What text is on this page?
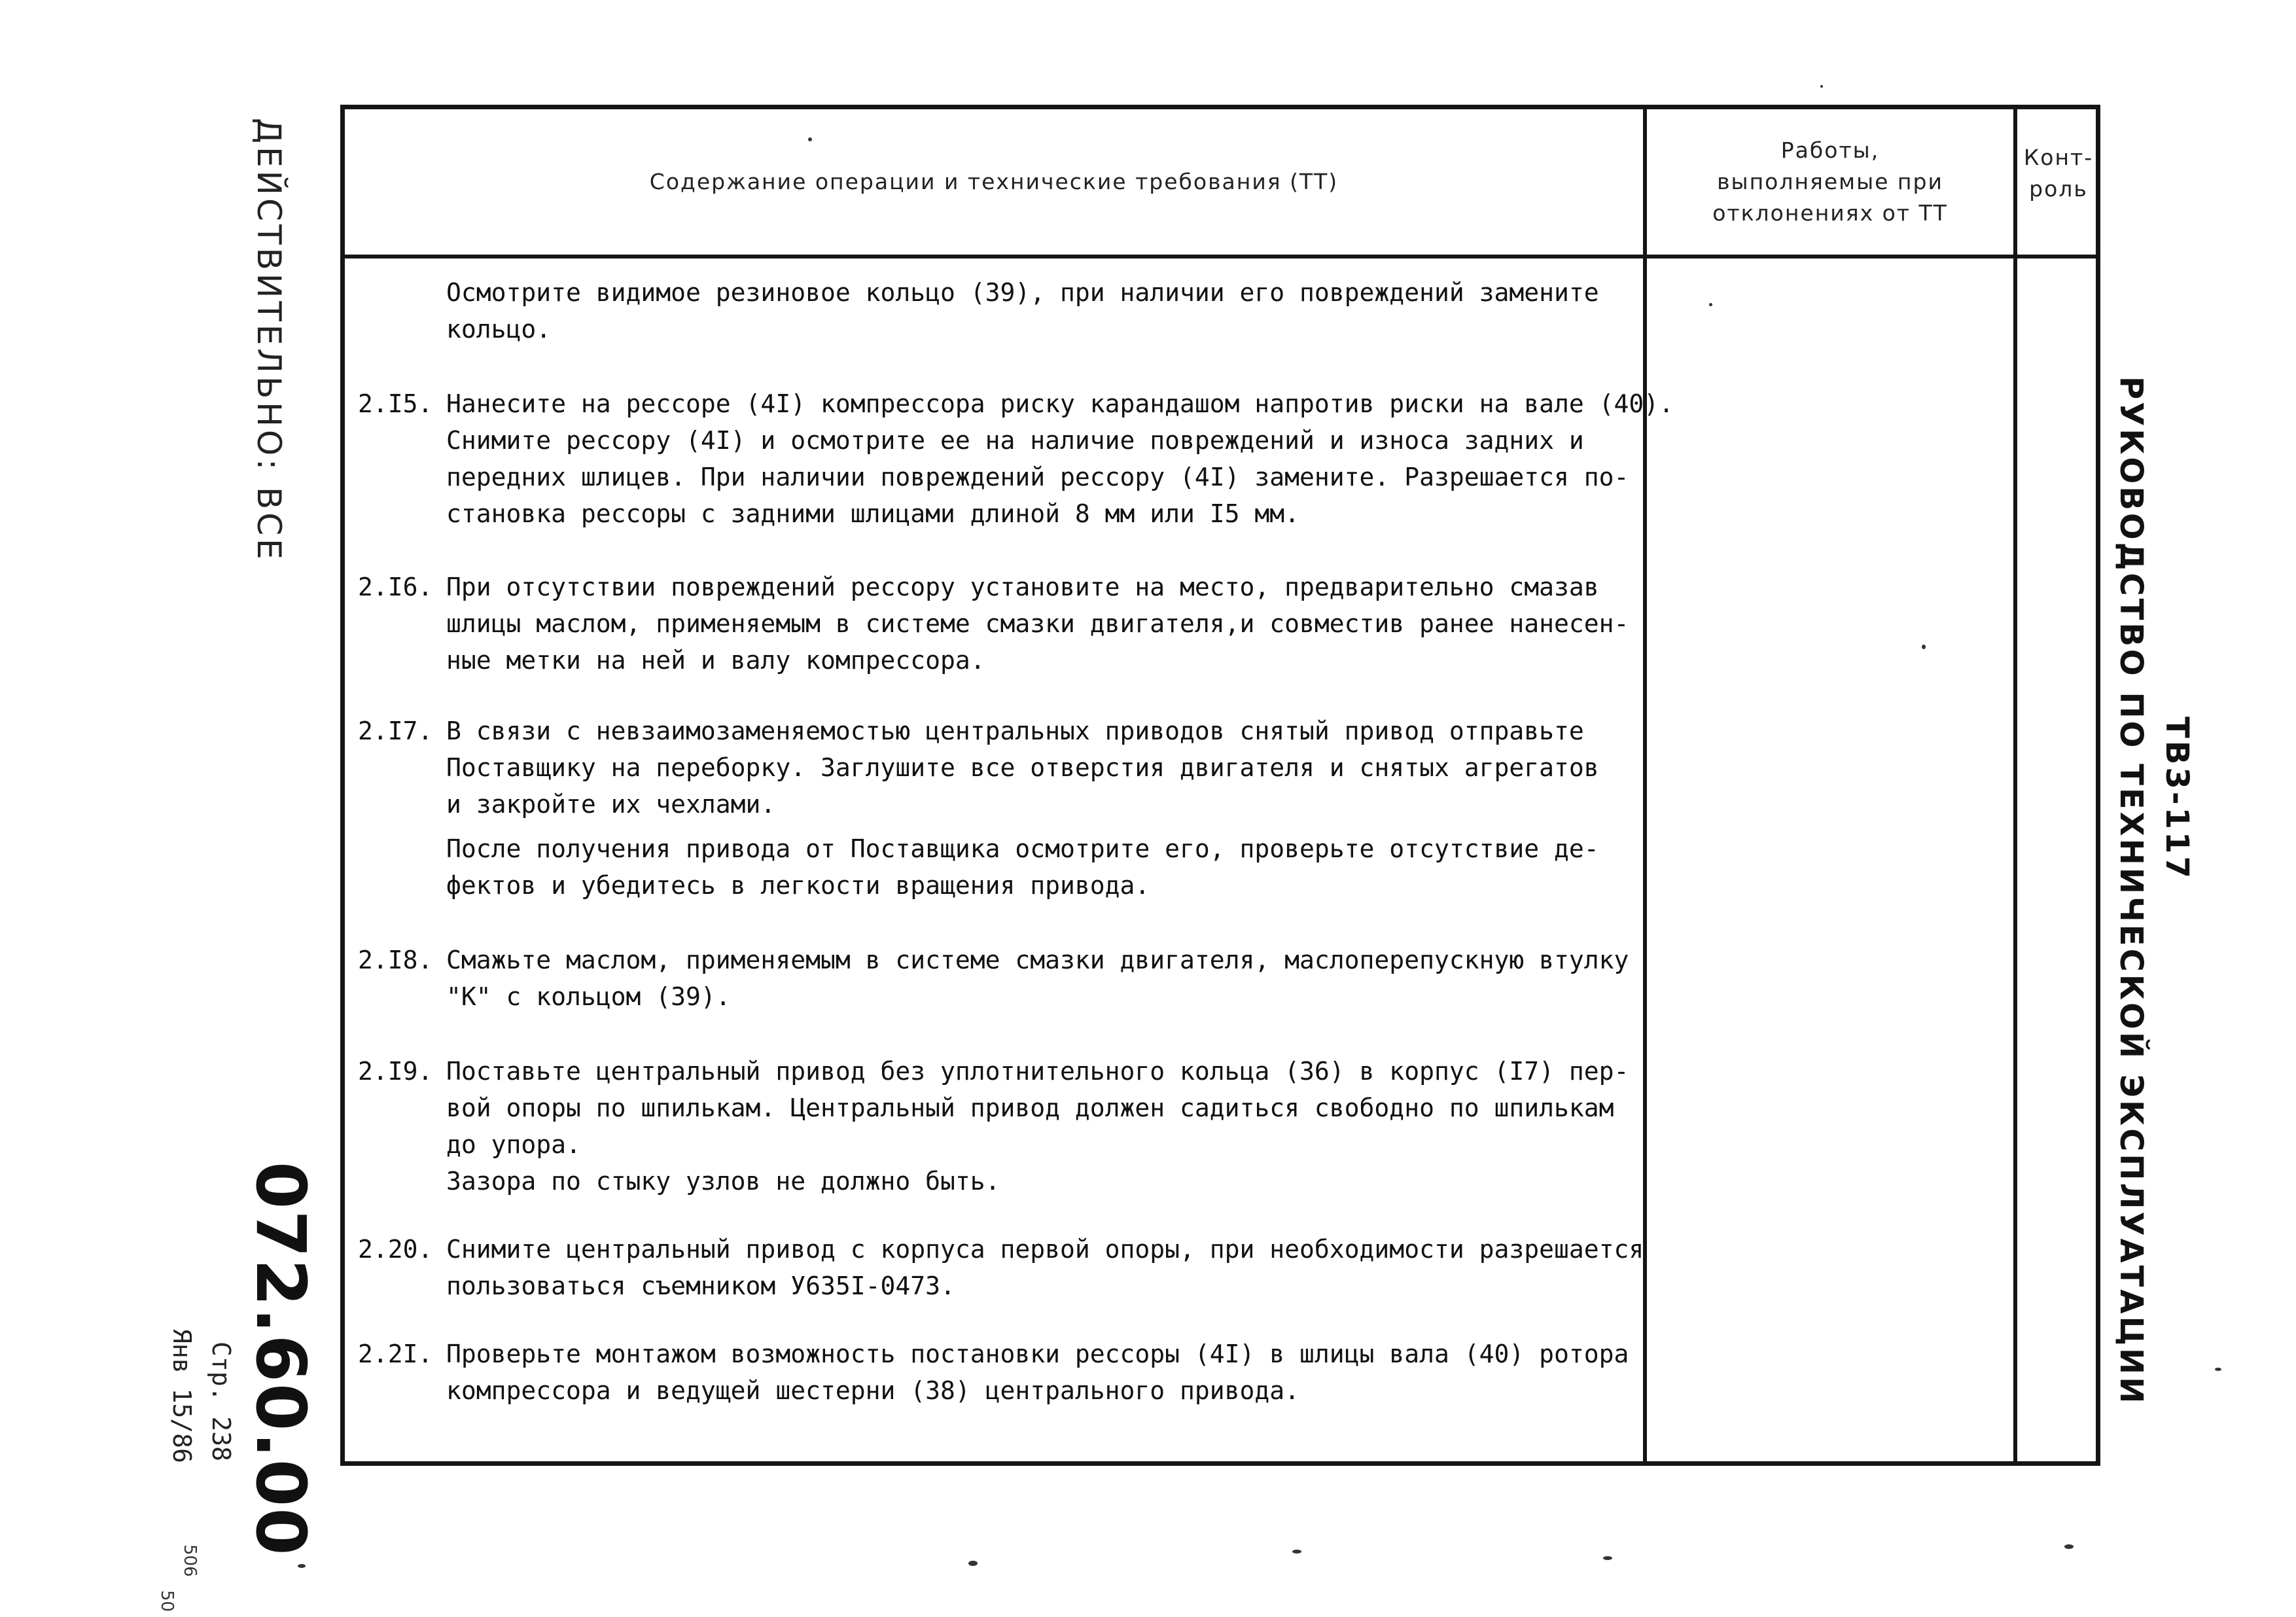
ДЕЙСТВИТЕЛЬНО: ВСЕ
РУКОВОДСТВО ПО ТЕХНИЧЕСКОЙ ЭКСПЛУАТАЦИИ ТВ3-117
072.60.00
Стр. 238
Янв 15/86
506
50
Содержание операции и технические требования (ТТ)
Работы, выполняемые при отклонениях от ТТ
Конт- роль

Осмотрите видимое резиновое кольцо (39), при наличии его повреждений замените

кольцо.

2.I5. Нанесите на рессоре (4I) компрессора риску карандашом напротив риски на вале (40).

Снимите рессору (4I) и осмотрите ее на наличие повреждений и износа задних и

передних шлицев. При наличии повреждений рессору (4I) замените. Разрешается по-

становка рессоры с задними шлицами длиной 8 мм или I5 мм.

2.I6. При отсутствии повреждений рессору установите на место, предварительно смазав

шлицы маслом, применяемым в системе смазки двигателя,и совместив ранее нанесен-

ные метки на ней и валу компрессора.

2.I7. В связи с невзаимозаменяемостью центральных приводов снятый привод отправьте

Поставщику на переборку. Заглушите все отверстия двигателя и снятых агрегатов

и закройте их чехлами.

После получения привода от Поставщика осмотрите его, проверьте отсутствие де-

фектов и убедитесь в легкости вращения привода.

2.I8. Смажьте маслом, применяемым в системе смазки двигателя, маслоперепускную втулку

"К" с кольцом (39).

2.I9. Поставьте центральный привод без уплотнительного кольца (36) в корпус (I7) пер-

вой опоры по шпилькам. Центральный привод должен садиться свободно по шпилькам

до упора.

Зазора по стыку узлов не должно быть.

2.20. Снимите центральный привод с корпуса первой опоры, при необходимости разрешается

пользоваться съемником У635I-0473.

2.2I. Проверьте монтажом возможность постановки рессоры (4I) в шлицы вала (40) ротора

компрессора и ведущей шестерни (38) центрального привода.
